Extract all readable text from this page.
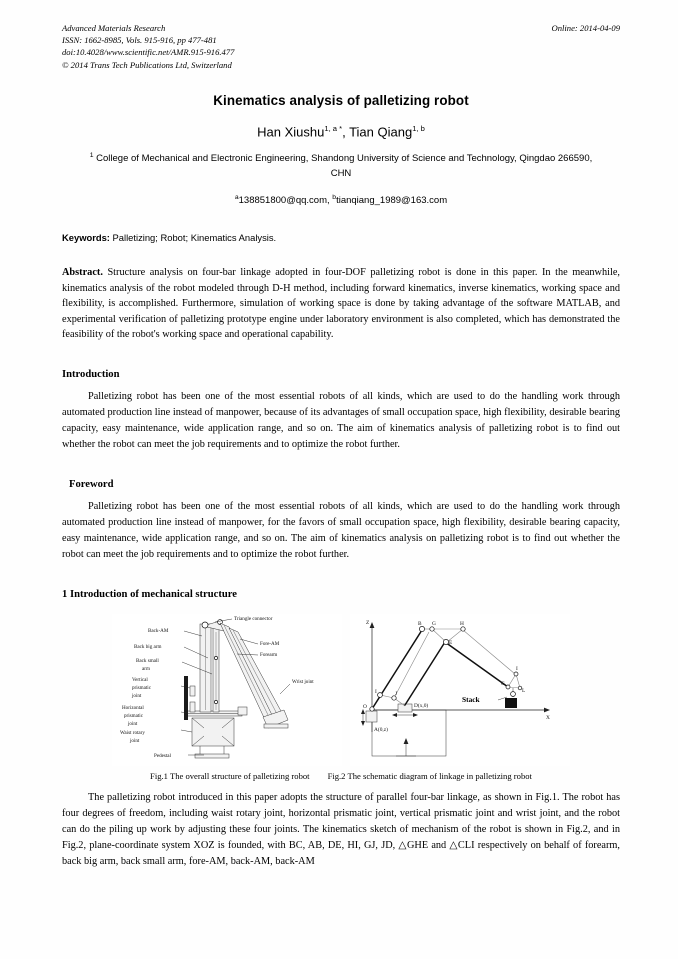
Advanced Materials Research
ISSN: 1662-8985, Vols. 915-916, pp 477-481
doi:10.4028/www.scientific.net/AMR.915-916.477
© 2014 Trans Tech Publications Ltd, Switzerland
Online: 2014-04-09
Kinematics analysis of palletizing robot
Han Xiushu$^{1, a *}$, Tian Qiang$^{1, b}$
$^1$ College of Mechanical and Electronic Engineering, Shandong University of Science and Technology, Qingdao 266590, CHN
$^a$138851800@qq.com, $^b$tianqiang_1989@163.com
Keywords: Palletizing; Robot; Kinematics Analysis.
Abstract. Structure analysis on four-bar linkage adopted in four-DOF palletizing robot is done in this paper. In the meanwhile, kinematics analysis of the robot modeled through D-H method, including forward kinematics, inverse kinematics, working space and flexibility, is accomplished. Furthermore, simulation of working space is done by taking advantage of the software MATLAB, and experimental verification of palletizing prototype engine under laboratory environment is also completed, which has demonstrated the feasibility of the robot's working space and operational capability.
Introduction

Palletizing robot has been one of the most essential robots of all kinds, which are used to do the handling work through automated production line instead of manpower, because of its advantages of small occupation space, high flexibility, desirable bearing capacity, easy maintenance, wide application range, and so on. The aim of kinematics analysis of palletizing robot is to find out whether the robot can meet the job requirements and to optimize the robot further.

Foreword

Palletizing robot has been one of the most essential robots of all kinds, which are used to do the handling work through automated production line instead of manpower, for the favors of small occupation space, high flexibility, desirable bearing capacity, easy maintenance, wide application range, and so on. The aim of kinematics analysis on palletizing robot is to find out whether the robot can meet the job requirements and to optimize the robot further.

1 Introduction of mechanical structure
Triangle connector
Back-AM
Back big arm
Back small
arm
Vertical
prismatic
joint
Horizontal
prismatic
joint
Waist rotary
joint
Pedestal
Fore-AM
Forearm
Wrist joint
Z
X
Stack
O
A(0,z)
B G	H
E
I	J
D(x,0)
C
I
L
Fig.1 The overall structure of palletizing robot Fig.2 The schematic diagram of linkage in palletizing robot

The palletizing robot introduced in this paper adopts the structure of parallel four-bar linkage, as shown in Fig.1. The robot has four degrees of freedom, including waist rotary joint, horizontal prismatic joint, vertical prismatic joint and wrist joint, and the robot can do the piling up work by adjusting these four joints. The kinematics sketch of mechanism of the robot is shown in Fig.2, and in Fig.2, plane-coordinate system XOZ is founded, with BC, AB, DE, HI, GJ, JD, △GHE and △CLI respectively on behalf of forearm, back big arm, back small arm, fore-AM, back-AM, back-AM
